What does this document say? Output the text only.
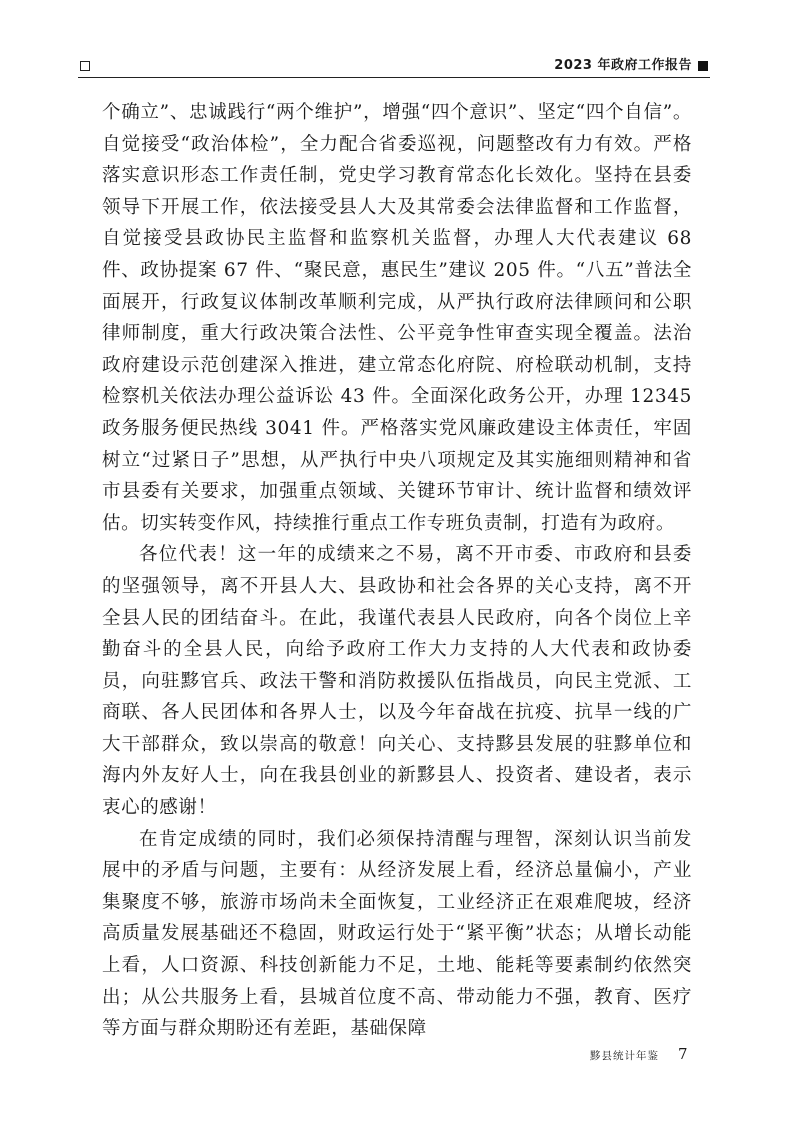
2023 年政府工作报告

个确立”、忠诚践行“两个维护”，增强“四个意识”、坚定“四个自信”。自觉接受“政治体检”，全力配合省委巡视，问题整改有力有效。严格落实意识形态工作责任制，党史学习教育常态化长效化。坚持在县委领导下开展工作，依法接受县人大及其常委会法律监督和工作监督，自觉接受县政协民主监督和监察机关监督，办理人大代表建议 68 件、政协提案 67 件、“聚民意，惠民生”建议 205 件。“八五”普法全面展开，行政复议体制改革顺利完成，从严执行政府法律顾问和公职律师制度，重大行政决策合法性、公平竞争性审查实现全覆盖。法治政府建设示范创建深入推进，建立常态化府院、府检联动机制，支持检察机关依法办理公益诉讼 43 件。全面深化政务公开，办理 12345 政务服务便民热线 3041 件。严格落实党风廉政建设主体责任，牢固树立“过紧日子”思想，从严执行中央八项规定及其实施细则精神和省市县委有关要求，加强重点领域、关键环节审计、统计监督和绩效评估。切实转变作风，持续推行重点工作专班负责制，打造有为政府。

各位代表！这一年的成绩来之不易，离不开市委、市政府和县委的坚强领导，离不开县人大、县政协和社会各界的关心支持，离不开全县人民的团结奋斗。在此，我谨代表县人民政府，向各个岗位上辛勤奋斗的全县人民，向给予政府工作大力支持的人大代表和政协委员，向驻黟官兵、政法干警和消防救援队伍指战员，向民主党派、工商联、各人民团体和各界人士，以及今年奋战在抗疫、抗旱一线的广大干部群众，致以崇高的敬意！向关心、支持黟县发展的驻黟单位和海内外友好人士，向在我县创业的新黟县人、投资者、建设者，表示衷心的感谢！

在肯定成绩的同时，我们必须保持清醒与理智，深刻认识当前发展中的矛盾与问题，主要有：从经济发展上看，经济总量偏小，产业集聚度不够，旅游市场尚未全面恢复，工业经济正在艰难爬坡，经济高质量发展基础还不稳固，财政运行处于“紧平衡”状态；从增长动能上看，人口资源、科技创新能力不足，土地、能耗等要素制约依然突出；从公共服务上看，县城首位度不高、带动能力不强，教育、医疗等方面与群众期盼还有差距，基础保障

黟县统计年鉴 7
